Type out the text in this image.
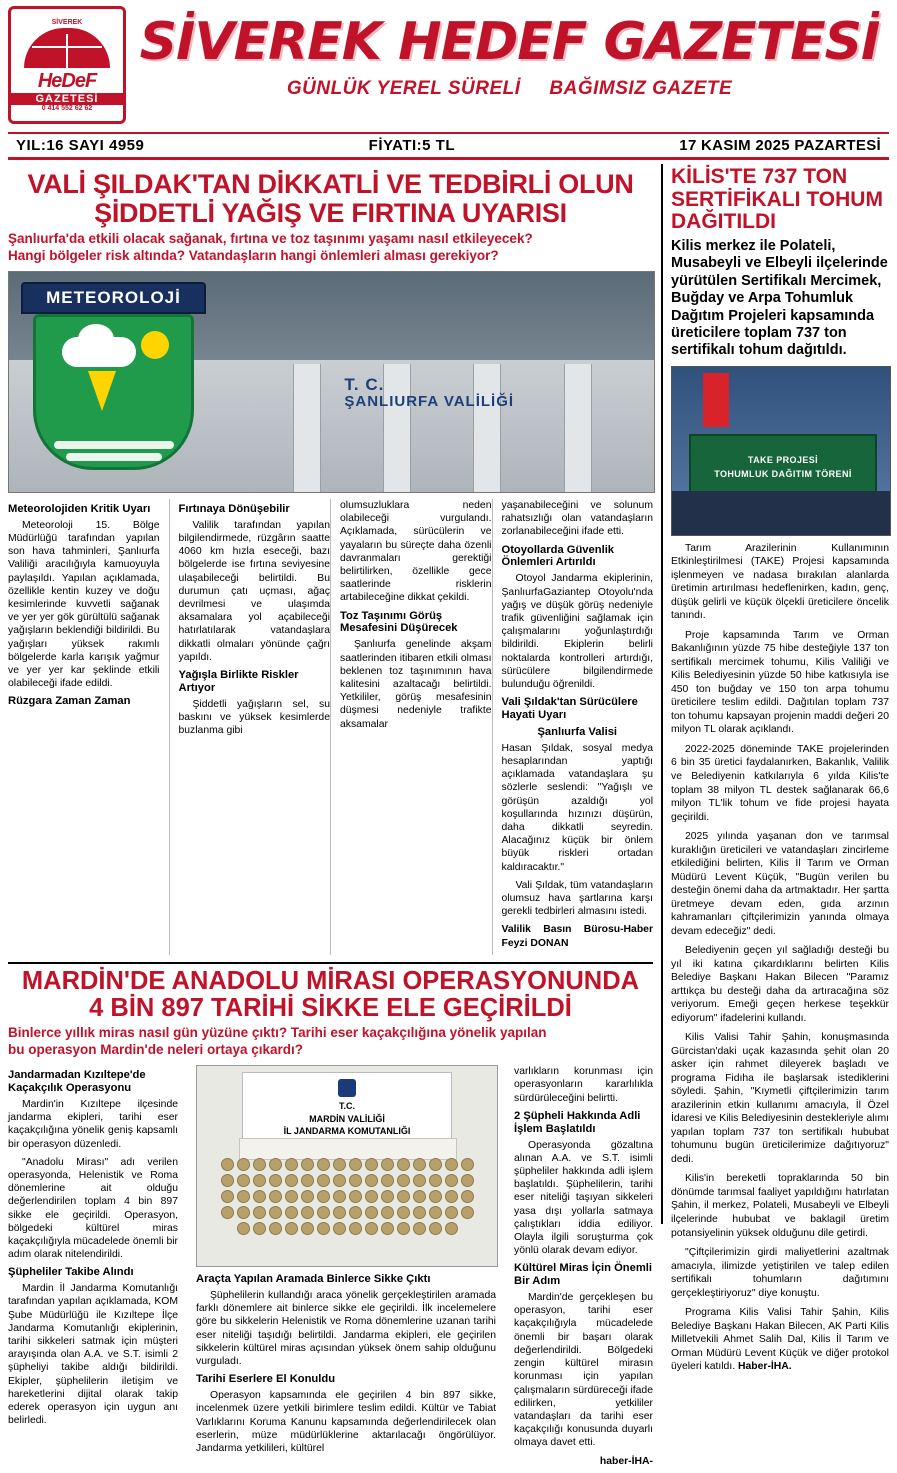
SİVEREK
HeDeF
GAZETESİ
0 414 552 62 62
SİVEREK HEDEF GAZETESİ
GÜNLÜK YEREL SÜRELİ BAĞIMSIZ GAZETE
YIL:16 SAYI 4959	FİYATI:5 TL	17 KASIM 2025 PAZARTESİ
VALİ ŞILDAK'TAN DİKKATLİ VE TEDBİRLİ OLUN
ŞİDDETLİ YAĞIŞ VE FIRTINA UYARISI
Şanlıurfa'da etkili olacak sağanak, fırtına ve toz taşınımı yaşamı nasıl etkileyecek?
Hangi bölgeler risk altında? Vatandaşların hangi önlemleri alması gerekiyor?
T. C.
ŞANLIURFA VALİLİĞİ
METEOROLOJİ
Meteorolojiden Kritik Uyarı

Meteoroloji 15. Bölge Müdürlüğü tarafından yapılan son hava tahminleri, Şanlıurfa Valiliği aracılığıyla kamuoyuyla paylaşıldı. Yapılan açıklamada, özellikle kentin kuzey ve doğu kesimlerinde kuvvetli sağanak ve yer yer gök gürültülü sağanak yağışların beklendiği bildirildi. Bu yağışları yüksek rakımlı bölgelerde karla karışık yağmur ve yer yer kar şeklinde etkili olabileceği ifade edildi.

Rüzgara Zaman Zaman
Fırtınaya Dönüşebilir

Valilik tarafından yapılan bilgilendirmede, rüzgârın saatte 4060 km hızla eseceği, bazı bölgelerde ise fırtına seviyesine ulaşabileceği belirtildi. Bu durumun çatı uçması, ağaç devrilmesi ve ulaşımda aksamalara yol açabileceği hatırlatılarak vatandaşlara dikkatli olmaları yönünde çağrı yapıldı.

Yağışla Birlikte Riskler Artıyor

Şiddetli yağışların sel, su baskını ve yüksek kesimlerde buzlanma gibi

olumsuzluklara neden olabileceği vurgulandı. Açıklamada, sürücülerin ve yayaların bu süreçte daha özenli davranmaları gerektiği belirtilirken, özellikle gece saatlerinde risklerin artabileceğine dikkat çekildi.

Toz Taşınımı Görüş Mesafesini Düşürecek

Şanlıurfa genelinde akşam saatlerinden itibaren etkili olması beklenen toz taşınımının hava kalitesini azaltacağı belirtildi. Yetkililer, görüş mesafesinin düşmesi nedeniyle trafikte aksamalar

yaşanabileceğini ve solunum rahatsızlığı olan vatandaşların zorlanabileceğini ifade etti.

Otoyollarda Güvenlik Önlemleri Artırıldı

Otoyol Jandarma ekiplerinin, ŞanlıurfaGaziantep Otoyolu'nda yağış ve düşük görüş nedeniyle trafik güvenliğini sağlamak için çalışmalarını yoğunlaştırdığı bildirildi. Ekiplerin belirli noktalarda kontrolleri artırdığı, sürücülere bilgilendirmede bulunduğu öğrenildi.

Vali Şıldak'tan Sürücülere Hayati Uyarı
Şanlıurfa Valisi

Hasan Şıldak, sosyal medya hesaplarından yaptığı açıklamada vatandaşlara şu sözlerle seslendi: "Yağışlı ve görüşün azaldığı yol koşullarında hızınızı düşürün, daha dikkatli seyredin. Alacağınız küçük bir önlem büyük riskleri ortadan kaldıracaktır."

Vali Şıldak, tüm vatandaşların olumsuz hava şartlarına karşı gerekli tedbirleri almasını istedi.

Valilik Basın Bürosu-Haber Feyzi DONAN

MARDİN'DE ANADOLU MİRASI OPERASYONUNDA
4 BİN 897 TARİHİ SİKKE ELE GEÇİRİLDİ
Binlerce yıllık miras nasıl gün yüzüne çıktı? Tarihi eser kaçakçılığına yönelik yapılan
bu operasyon Mardin'de neleri ortaya çıkardı?
Jandarmadan Kızıltepe'de Kaçakçılık Operasyonu

Mardin'in Kızıltepe ilçesinde jandarma ekipleri, tarihi eser kaçakçılığına yönelik geniş kapsamlı bir operasyon düzenledi.

"Anadolu Mirası" adı verilen operasyonda, Helenistik ve Roma dönemlerine ait olduğu değerlendirilen toplam 4 bin 897 sikke ele geçirildi. Operasyon, bölgedeki kültürel miras kaçakçılığıyla mücadelede önemli bir adım olarak nitelendirildi.

Şüpheliler Takibe Alındı

Mardin İl Jandarma Komutanlığı tarafından yapılan açıklamada, KOM Şube Müdürlüğü ile Kızıltepe İlçe Jandarma Komutanlığı ekiplerinin, tarihi sikkeleri satmak için müşteri arayışında olan A.A. ve S.T. isimli 2 şüpheliyi takibe aldığı bildirildi. Ekipler, şüphelilerin iletişim ve hareketlerini dijital olarak takip ederek operasyon için uygun anı belirledi.

T.C.
MARDİN VALİLİĞİ
İL JANDARMA KOMUTANLIĞI
Araçta Yapılan Aramada Binlerce Sikke Çıktı

Şüphelilerin kullandığı araca yönelik gerçekleştirilen aramada farklı dönemlere ait binlerce sikke ele geçirildi. İlk incelemelere göre bu sikkelerin Helenistik ve Roma dönemlerine uzanan tarihi eser niteliği taşıdığı belirtildi. Jandarma ekipleri, ele geçirilen sikkelerin kültürel miras açısından yüksek önem sahip olduğunu vurguladı.

Tarihi Eserlere El Konuldu

Operasyon kapsamında ele geçirilen 4 bin 897 sikke, incelenmek üzere yetkili birimlere teslim edildi. Kültür ve Tabiat Varlıklarını Koruma Kanunu kapsamında değerlendirilecek olan eserlerin, müze müdürlüklerine aktarılacağı öngörülüyor. Jandarma yetkilileri, kültürel

varlıkların korunması için operasyonların kararlılıkla sürdürüleceğini belirtti.

2 Şüpheli Hakkında Adli İşlem Başlatıldı

Operasyonda gözaltına alınan A.A. ve S.T. isimli şüpheliler hakkında adli işlem başlatıldı. Şüphelilerin, tarihi eser niteliği taşıyan sikkeleri yasa dışı yollarla satmaya çalıştıkları iddia ediliyor. Olayla ilgili soruşturma çok yönlü olarak devam ediyor.

Kültürel Miras İçin Önemli Bir Adım

Mardin'de gerçekleşen bu operasyon, tarihi eser kaçakçılığıyla mücadelede önemli bir başarı olarak değerlendirildi. Bölgedeki zengin kültürel mirasın korunması için yapılan çalışmaların sürdüreceği ifade edilirken, yetkililer vatandaşları da tarihi eser kaçakçılığı konusunda duyarlı olmaya davet etti.

haber-İHA-

KİLİS'TE 737 TON SERTİFİKALI TOHUM DAĞITILDI
Kilis merkez ile Polateli, Musabeyli ve Elbeyli ilçelerinde yürütülen Sertifikalı Mercimek, Buğday ve Arpa Tohumluk Dağıtım Projeleri kapsamında üreticilere toplam 737 ton sertifikalı tohum dağıtıldı.
TAKE PROJESİ
TOHUMLUK DAĞITIM TÖRENİ

Tarım Arazilerinin Kullanımının Etkinleştirilmesi (TAKE) Projesi kapsamında işlenmeyen ve nadasa bırakılan alanlarda üretimin artırılması hedeflenirken, kadın, genç, düşük gelirli ve küçük ölçekli üreticilere öncelik tanındı.

Proje kapsamında Tarım ve Orman Bakanlığının yüzde 75 hibe desteğiyle 137 ton sertifikalı mercimek tohumu, Kilis Valiliği ve Kilis Belediyesinin yüzde 50 hibe katkısıyla ise 450 ton buğday ve 150 ton arpa tohumu üreticilere teslim edildi. Dağıtılan toplam 737 ton tohumu kapsayan projenin maddi değeri 20 milyon TL olarak açıklandı.

2022-2025 döneminde TAKE projelerinden 6 bin 35 üretici faydalanırken, Bakanlık, Valilik ve Belediyenin katkılarıyla 6 yılda Kilis'te toplam 38 milyon TL destek sağlanarak 66,6 milyon TL'lik tohum ve fide projesi hayata geçirildi.

2025 yılında yaşanan don ve tarımsal kuraklığın üreticileri ve vatandaşları zincirleme etkilediğini belirten, Kilis İl Tarım ve Orman Müdürü Levent Küçük, "Bugün verilen bu desteğin önemi daha da artmaktadır. Her şartta üretmeye devam eden, gıda arzının kahramanları çiftçilerimizin yanında olmaya devam edeceğiz" dedi.

Belediyenin geçen yıl sağladığı desteği bu yıl iki katına çıkardıklarını belirten Kilis Belediye Başkanı Hakan Bilecen "Paramız arttıkça bu desteği daha da artıracağına söz veriyorum. Emeği geçen herkese teşekkür ediyorum" ifadelerini kullandı.

Kilis Valisi Tahir Şahin, konuşmasında Gürcistan'daki uçak kazasında şehit olan 20 asker için rahmet dileyerek başladı ve programa Fidıha ile başlarsak istediklerini söyledi. Şahin, "Kıymetli çiftçilerimizin tarım arazilerinin etkin kullanımı amacıyla, İl Özel İdaresi ve Kilis Belediyesinin destekleriyle alımı yapılan toplam 737 ton sertifikalı hububat tohumunu bugün üreticilerimize dağıtıyoruz" dedi.

Kilis'in bereketli topraklarında 50 bin dönümde tarımsal faaliyet yapıldığını hatırlatan Şahin, il merkez, Polateli, Musabeyli ve Elbeyli ilçelerinde hububat ve baklagil üretim potansiyelinin yüksek olduğunu dile getirdi.

"Çiftçilerimizin girdi maliyetlerini azaltmak amacıyla, ilimizde yetiştirilen ve talep edilen sertifikalı tohumların dağıtımını gerçekleştiriyoruz" diye konuştu.

Programa Kilis Valisi Tahir Şahin, Kilis Belediye Başkanı Hakan Bilecen, AK Parti Kilis Milletvekili Ahmet Salih Dal, Kilis İl Tarım ve Orman Müdürü Levent Küçük ve diğer protokol üyeleri katıldı. Haber-İHA.
